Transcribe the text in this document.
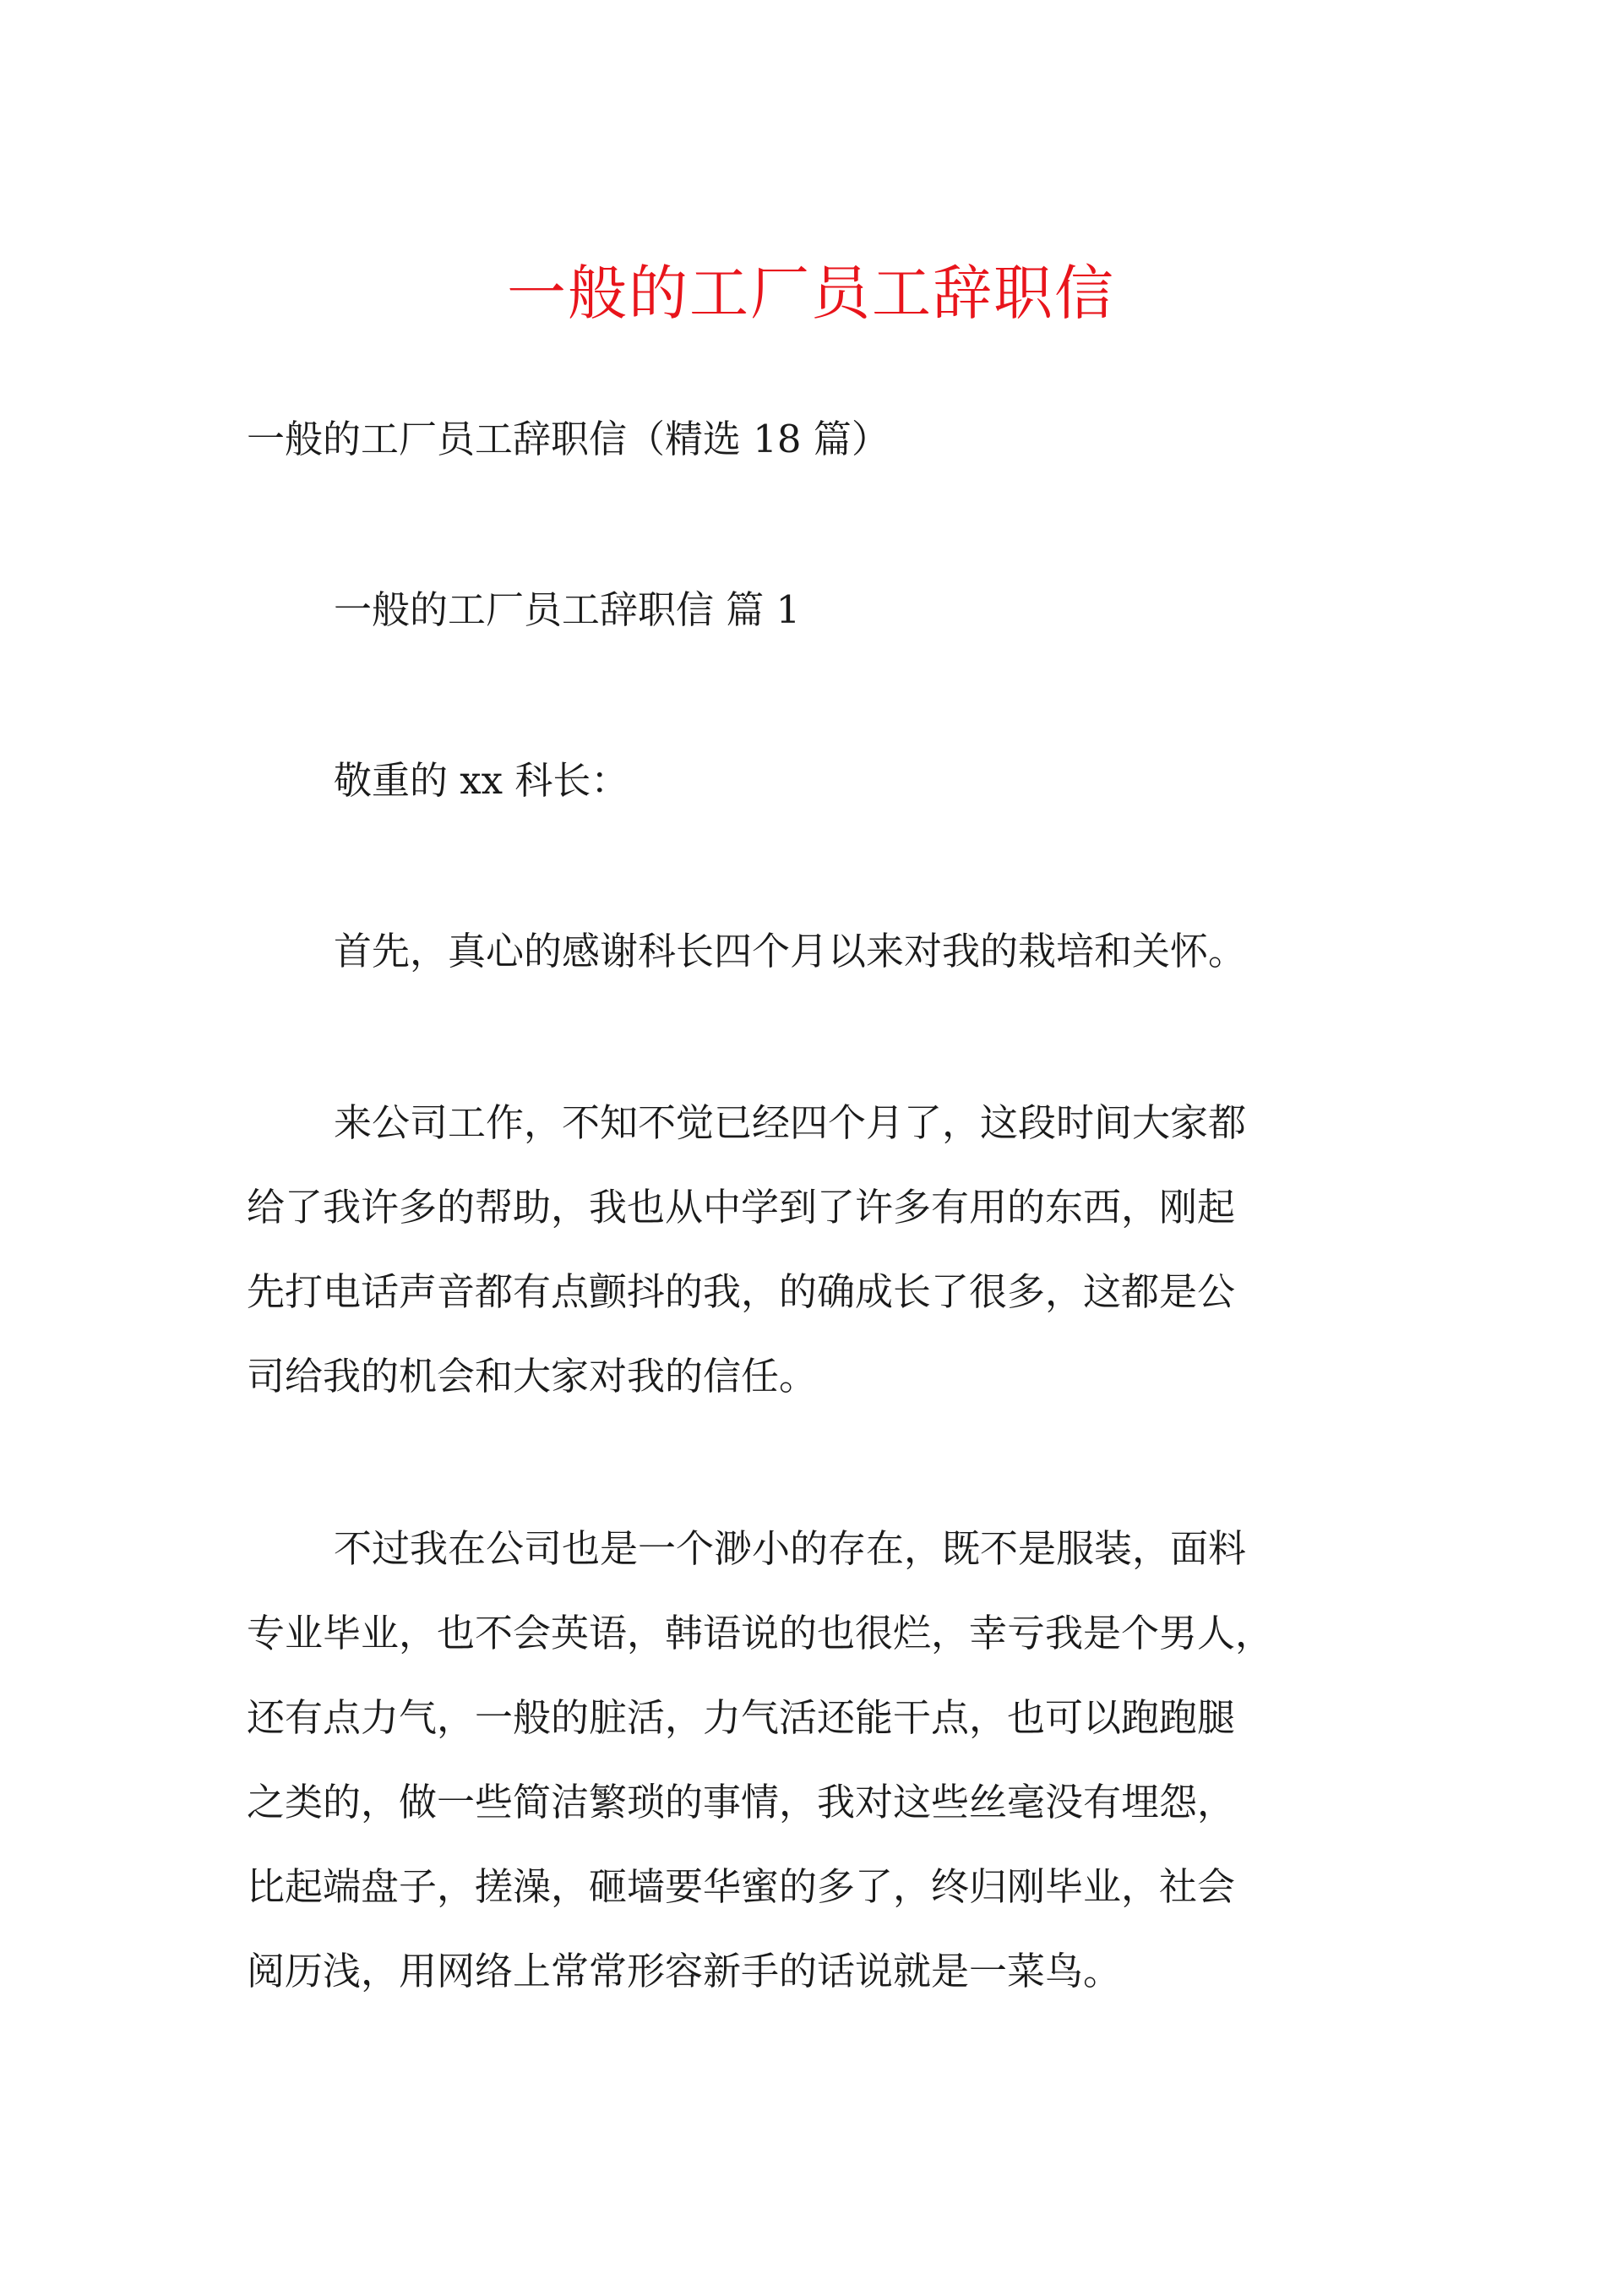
一般的工厂员工辞职信

一般的工厂员工辞职信（精选 18 篇）

一般的工厂员工辞职信 篇 1

敬重的 xx 科长：

首先，真心的感谢科长四个月以来对我的栽培和关怀。
来公司工作，不知不觉已经四个月了，这段时间大家都
给了我许多的帮助，我也从中学到了许多有用的东西，刚起
先打电话声音都有点颤抖的我，的确成长了很多，这都是公
司给我的机会和大家对我的信任。
不过我在公司也是一个渺小的存在，既不是服装，面料
专业毕业，也不会英语，韩语说的也很烂，幸亏我是个男人，
还有点力气，一般的脏活，力气活还能干点，也可以跑跑腿
之类的，做一些简洁繁琐的事情，我对这些丝毫没有埋怨，
比起端盘子，搓澡，砸墙要华蜜的多了，终归刚毕业，社会
阅历浅，用网络上常常形容新手的话说就是一菜鸟。
